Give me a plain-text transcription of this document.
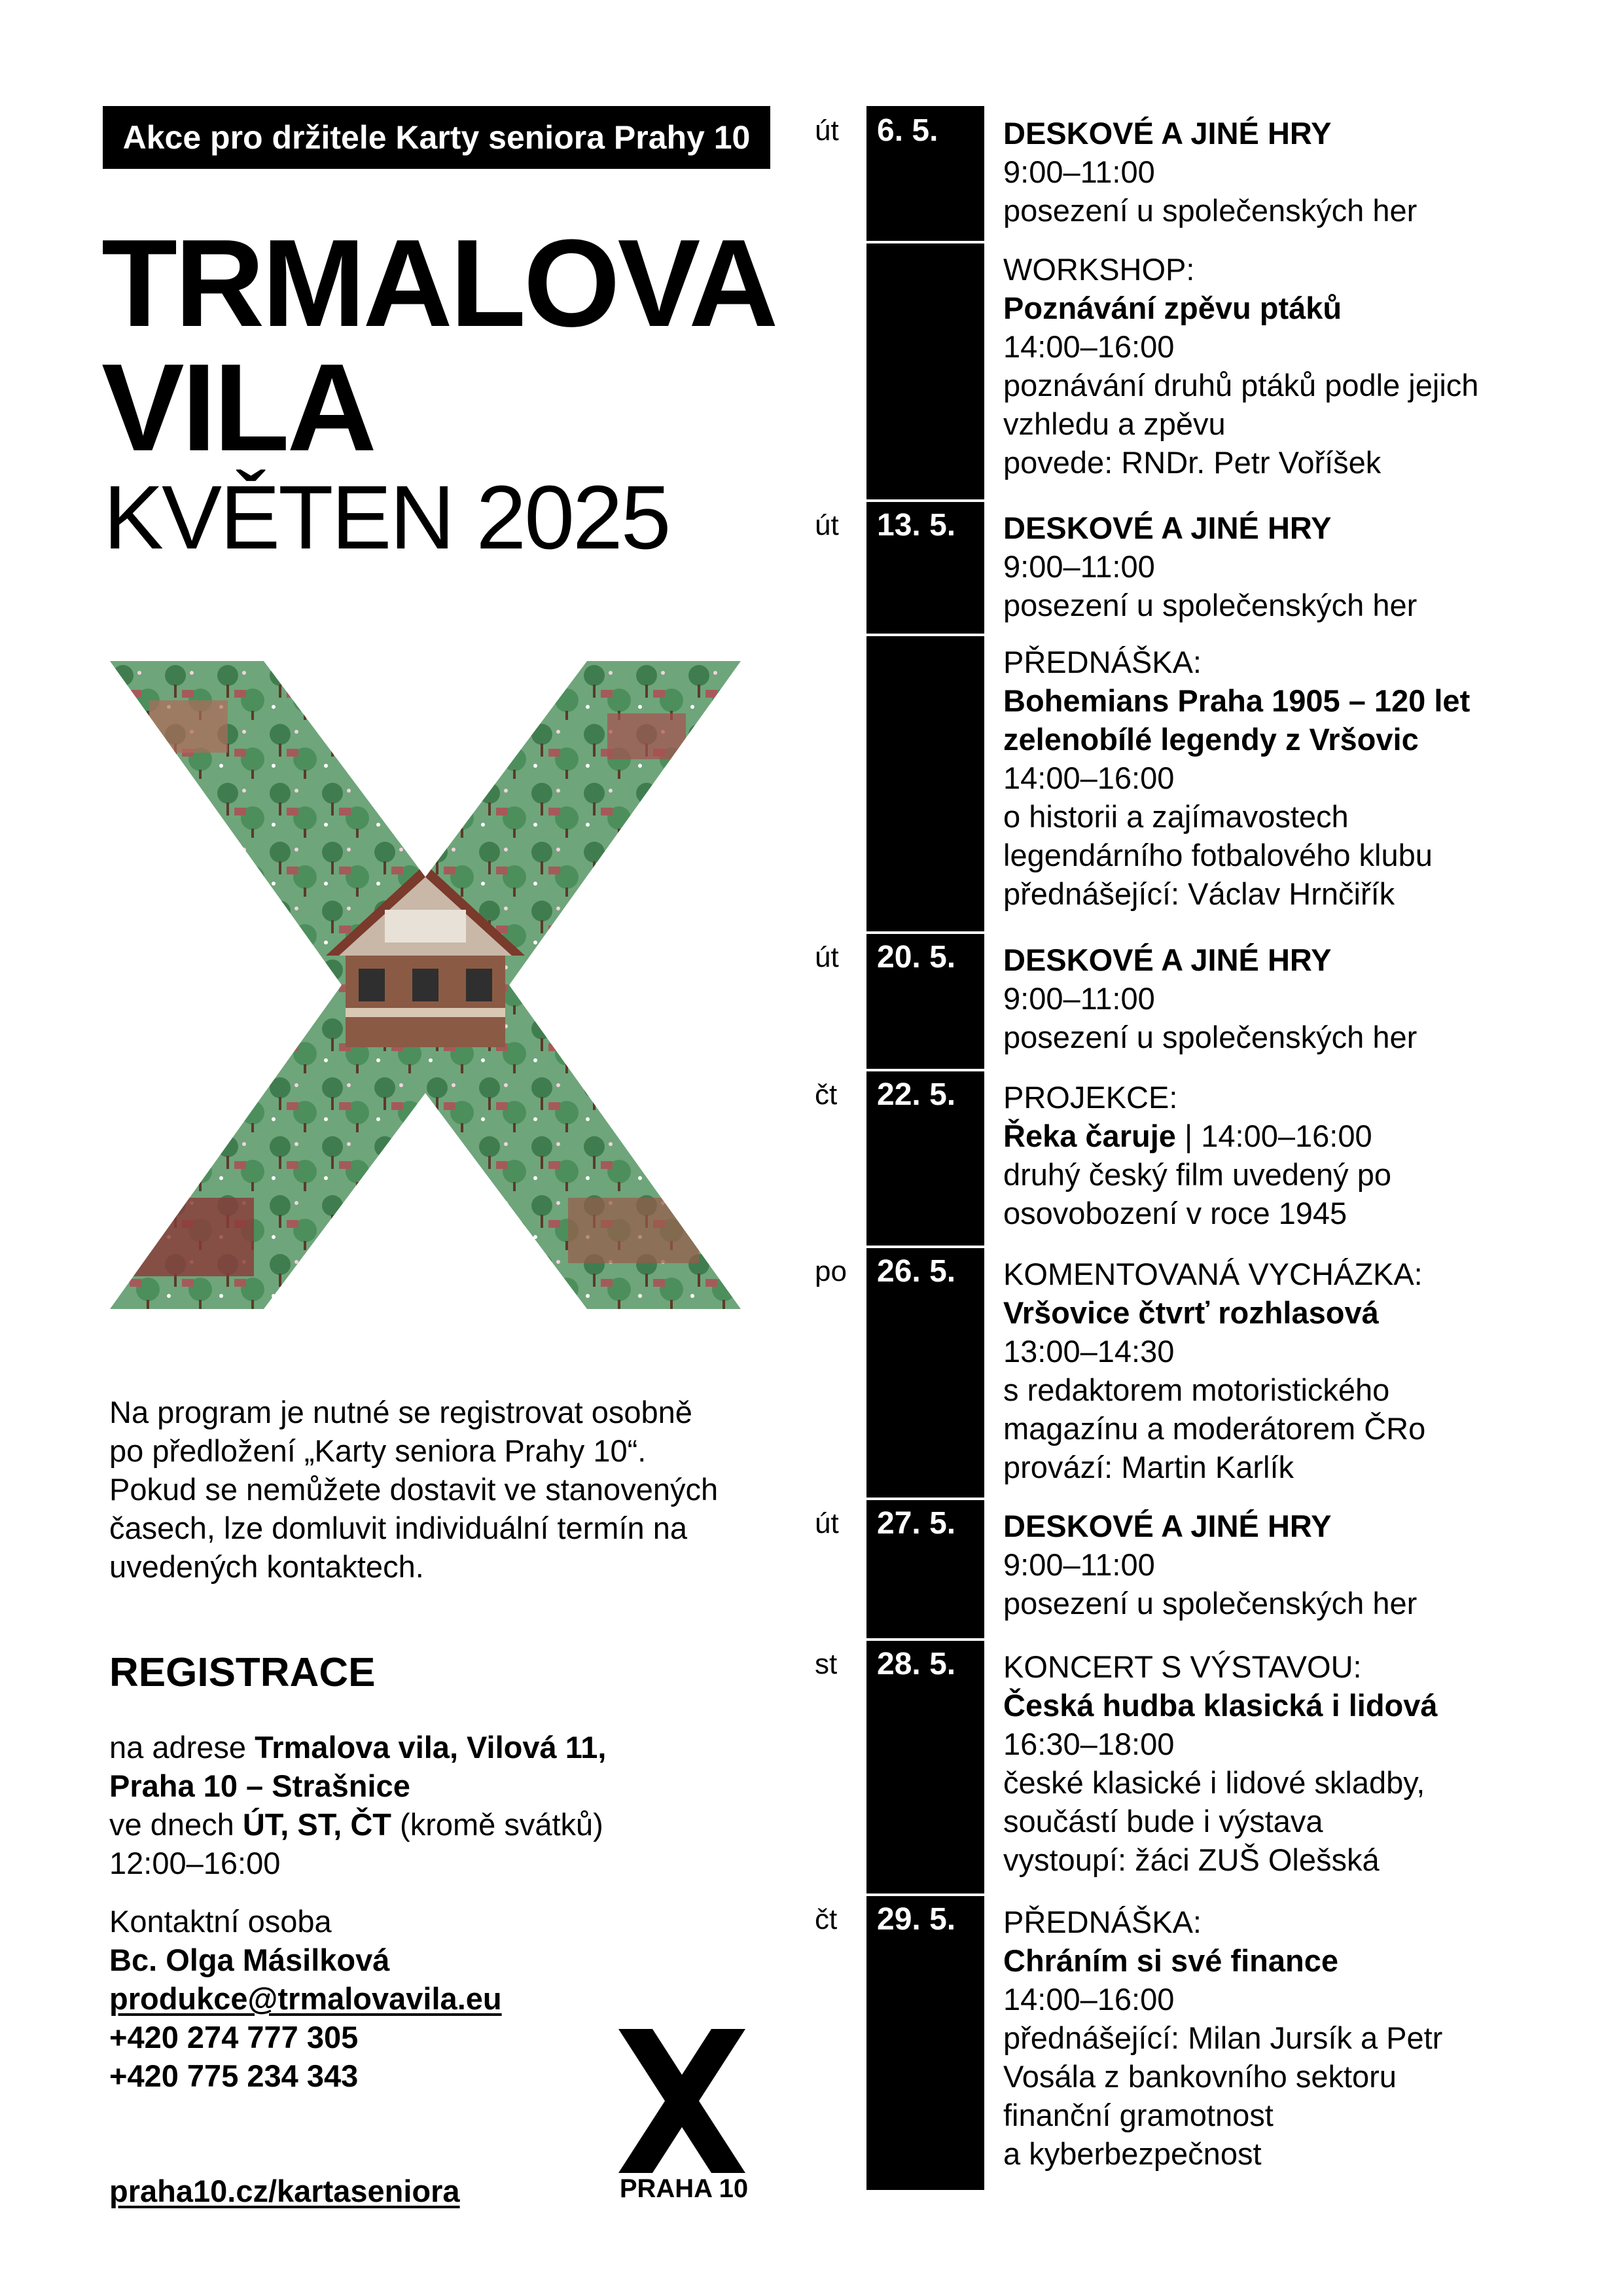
Akce pro držitele Karty seniora Prahy 10
TRMALOVA
VILA
KVĚTEN 2025
Na program je nutné se registrovat osobně
po předložení „Karty seniora Prahy 10“.
Pokud se nemůžete dostavit ve stanovených
časech, lze domluvit individuální termín na
uvedených kontaktech.
REGISTRACE
na adrese Trmalova vila, Vilová 11,
Praha 10 – Strašnice
ve dnech ÚT, ST, ČT (kromě svátků)
12:00–16:00
Kontaktní osoba
Bc. Olga Másilková
produkce@trmalovavila.eu
+420 274 777 305
+420 775 234 343
praha10.cz/kartaseniora	PRAHA 10
út 6. 5. DESKOVÉ A JINÉ HRY
9:00–11:00
posezení u společenských her
WORKSHOP:
Poznávání zpěvu ptáků
14:00–16:00
poznávání druhů ptáků podle jejich
vzhledu a zpěvu
povede: RNDr. Petr Voříšek
út 13. 5. DESKOVÉ A JINÉ HRY
9:00–11:00
posezení u společenských her
PŘEDNÁŠKA:
Bohemians Praha 1905 – 120 let
zelenobílé legendy z Vršovic
14:00–16:00
o historii a zajímavostech
legendárního fotbalového klubu
přednášející: Václav Hrnčiřík
út 20. 5. DESKOVÉ A JINÉ HRY
9:00–11:00
posezení u společenských her
čt 22. 5. PROJEKCE:
Řeka čaruje | 14:00–16:00
druhý český film uvedený po
osovobození v roce 1945
po 26. 5. KOMENTOVANÁ VYCHÁZKA:
Vršovice čtvrť rozhlasová
13:00–14:30
s redaktorem motoristického
magazínu a moderátorem ČRo
provází: Martin Karlík
út 27. 5. DESKOVÉ A JINÉ HRY
9:00–11:00
posezení u společenských her
st 28. 5. KONCERT S VÝSTAVOU:
Česká hudba klasická i lidová
16:30–18:00
české klasické i lidové skladby,
součástí bude i výstava
vystoupí: žáci ZUŠ Olešská
čt 29. 5. PŘEDNÁŠKA:
Chráním si své finance
14:00–16:00
přednášející: Milan Jursík a Petr
Vosála z bankovního sektoru
finanční gramotnost
a kyberbezpečnost
